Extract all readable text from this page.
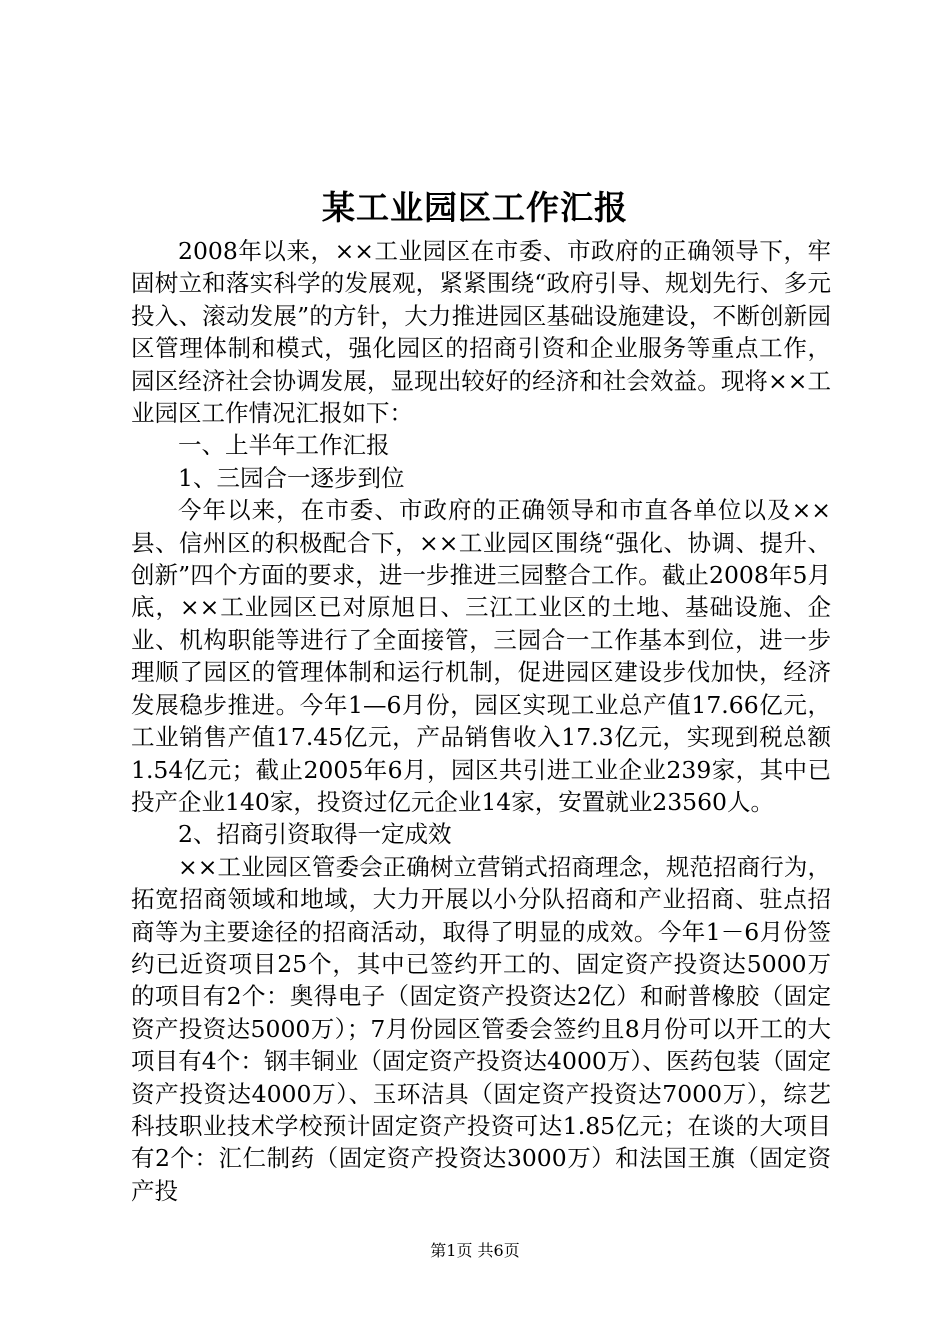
某工业园区工作汇报

2008年以来，××工业园区在市委、市政府的正确领导下，牢固树立和落实科学的发展观，紧紧围绕“政府引导、规划先行、多元投入、滚动发展”的方针，大力推进园区基础设施建设，不断创新园区管理体制和模式，强化园区的招商引资和企业服务等重点工作，园区经济社会协调发展，显现出较好的经济和社会效益。现将××工业园区工作情况汇报如下：

一、上半年工作汇报

1、三园合一逐步到位

今年以来，在市委、市政府的正确领导和市直各单位以及××县、信州区的积极配合下，××工业园区围绕“强化、协调、提升、创新”四个方面的要求，进一步推进三园整合工作。截止2008年5月底，××工业园区已对原旭日、三江工业区的土地、基础设施、企业、机构职能等进行了全面接管，三园合一工作基本到位，进一步理顺了园区的管理体制和运行机制，促进园区建设步伐加快，经济发展稳步推进。今年1—6月份，园区实现工业总产值17.66亿元，工业销售产值17.45亿元，产品销售收入17.3亿元，实现到税总额1.54亿元；截止2005年6月，园区共引进工业企业239家，其中已投产企业140家，投资过亿元企业14家，安置就业23560人。

2、招商引资取得一定成效

××工业园区管委会正确树立营销式招商理念，规范招商行为，拓宽招商领域和地域，大力开展以小分队招商和产业招商、驻点招商等为主要途径的招商活动，取得了明显的成效。今年1－6月份签约已近资项目25个，其中已签约开工的、固定资产投资达5000万的项目有2个：奥得电子（固定资产投资达2亿）和耐普橡胶（固定资产投资达5000万）；7月份园区管委会签约且8月份可以开工的大项目有4个：钢丰铜业（固定资产投资达4000万）、医药包装（固定资产投资达4000万）、玉环洁具（固定资产投资达7000万），综艺科技职业技术学校预计固定资产投资可达1.85亿元；在谈的大项目有2个：汇仁制药（固定资产投资达3000万）和法国王旗（固定资产投

第1页 共6页
